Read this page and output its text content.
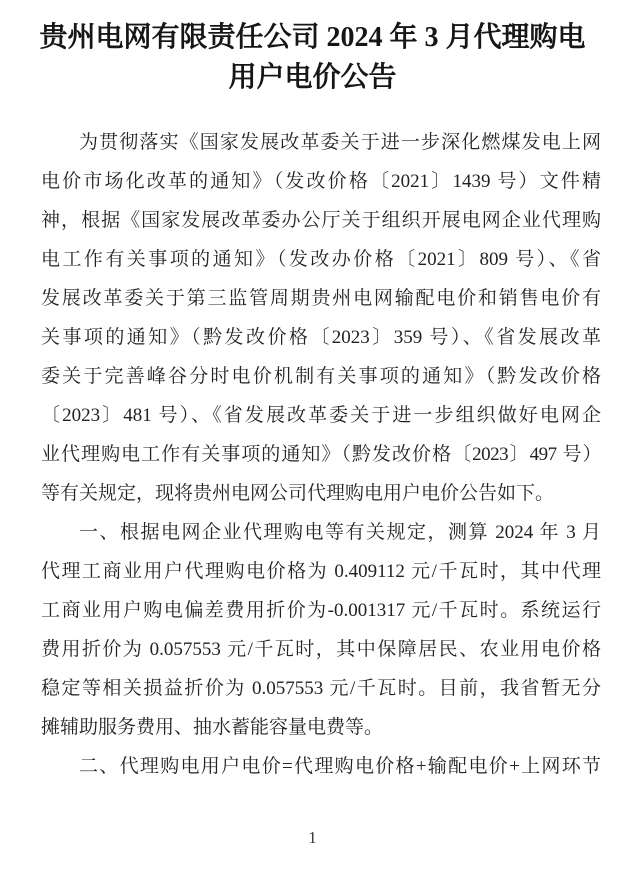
贵州电网有限责任公司 2024 年 3 月代理购电
用户电价公告
为贯彻落实《国家发展改革委关于进一步深化燃煤发电上网
电价市场化改革的通知》（发改价格〔2021〕1439 号）文件精
神，根据《国家发展改革委办公厅关于组织开展电网企业代理购
电工作有关事项的通知》（发改办价格〔2021〕809 号）、《省
发展改革委关于第三监管周期贵州电网输配电价和销售电价有
关事项的通知》（黔发改价格〔2023〕359 号）、《省发展改革
委关于完善峰谷分时电价机制有关事项的通知》（黔发改价格
〔2023〕481 号）、《省发展改革委关于进一步组织做好电网企
业代理购电工作有关事项的通知》（黔发改价格〔2023〕497 号）
等有关规定，现将贵州电网公司代理购电用户电价公告如下。
一、根据电网企业代理购电等有关规定，测算 2024 年 3 月
代理工商业用户代理购电价格为 0.409112 元/千瓦时，其中代理
工商业用户购电偏差费用折价为-0.001317 元/千瓦时。系统运行
费用折价为 0.057553 元/千瓦时，其中保障居民、农业用电价格
稳定等相关损益折价为 0.057553 元/千瓦时。目前，我省暂无分
摊辅助服务费用、抽水蓄能容量电费等。
二、代理购电用户电价=代理购电价格+输配电价+上网环节
1
